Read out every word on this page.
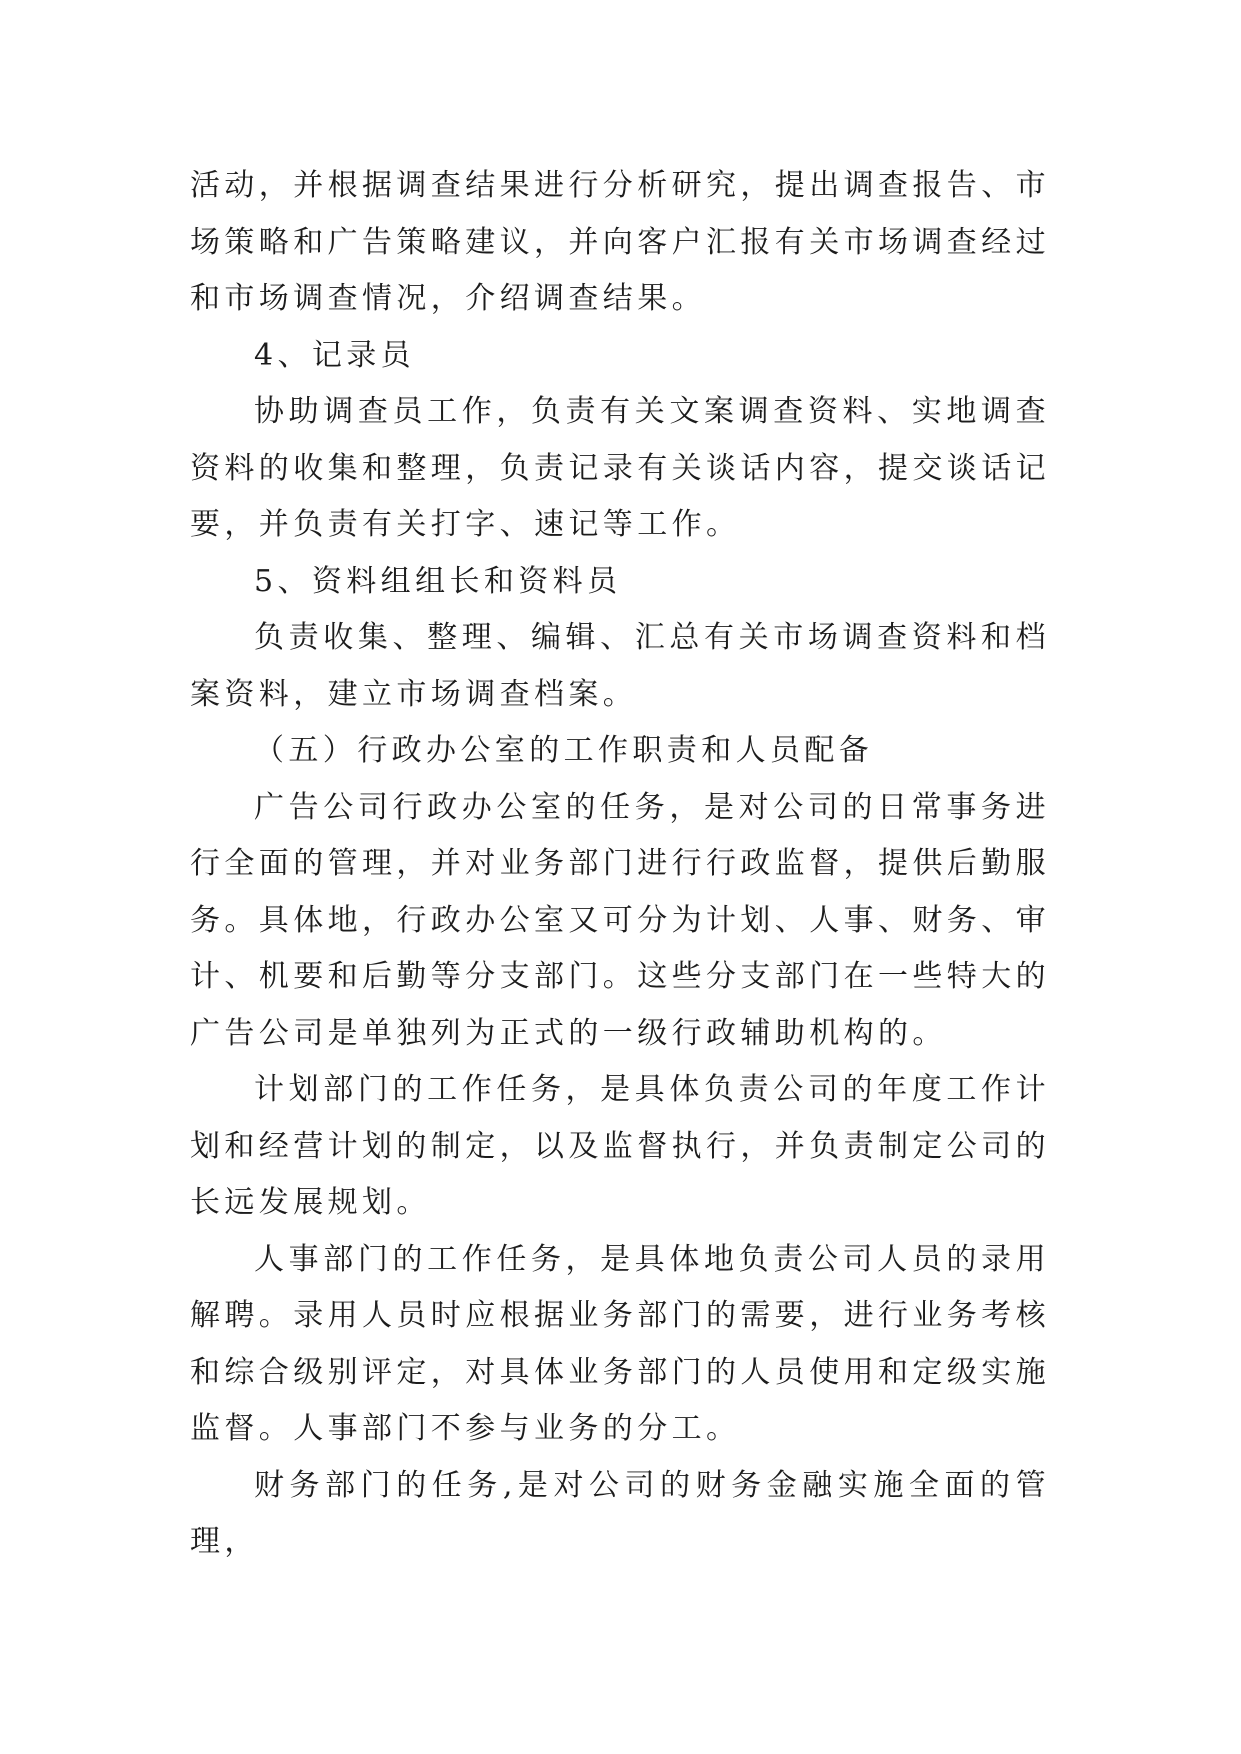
活动，并根据调查结果进行分析研究，提出调查报告、市场策略和广告策略建议，并向客户汇报有关市场调查经过和市场调查情况，介绍调查结果。

4、记录员

协助调查员工作，负责有关文案调查资料、实地调查资料的收集和整理，负责记录有关谈话内容，提交谈话记要，并负责有关打字、速记等工作。

5、资料组组长和资料员

负责收集、整理、编辑、汇总有关市场调查资料和档案资料，建立市场调查档案。

（五）行政办公室的工作职责和人员配备

广告公司行政办公室的任务，是对公司的日常事务进行全面的管理，并对业务部门进行行政监督，提供后勤服务。具体地，行政办公室又可分为计划、人事、财务、审计、机要和后勤等分支部门。这些分支部门在一些特大的广告公司是单独列为正式的一级行政辅助机构的。

计划部门的工作任务，是具体负责公司的年度工作计划和经营计划的制定，以及监督执行，并负责制定公司的长远发展规划。

人事部门的工作任务，是具体地负责公司人员的录用解聘。录用人员时应根据业务部门的需要，进行业务考核和综合级别评定，对具体业务部门的人员使用和定级实施监督。人事部门不参与业务的分工。

财务部门的任务,是对公司的财务金融实施全面的管理，
